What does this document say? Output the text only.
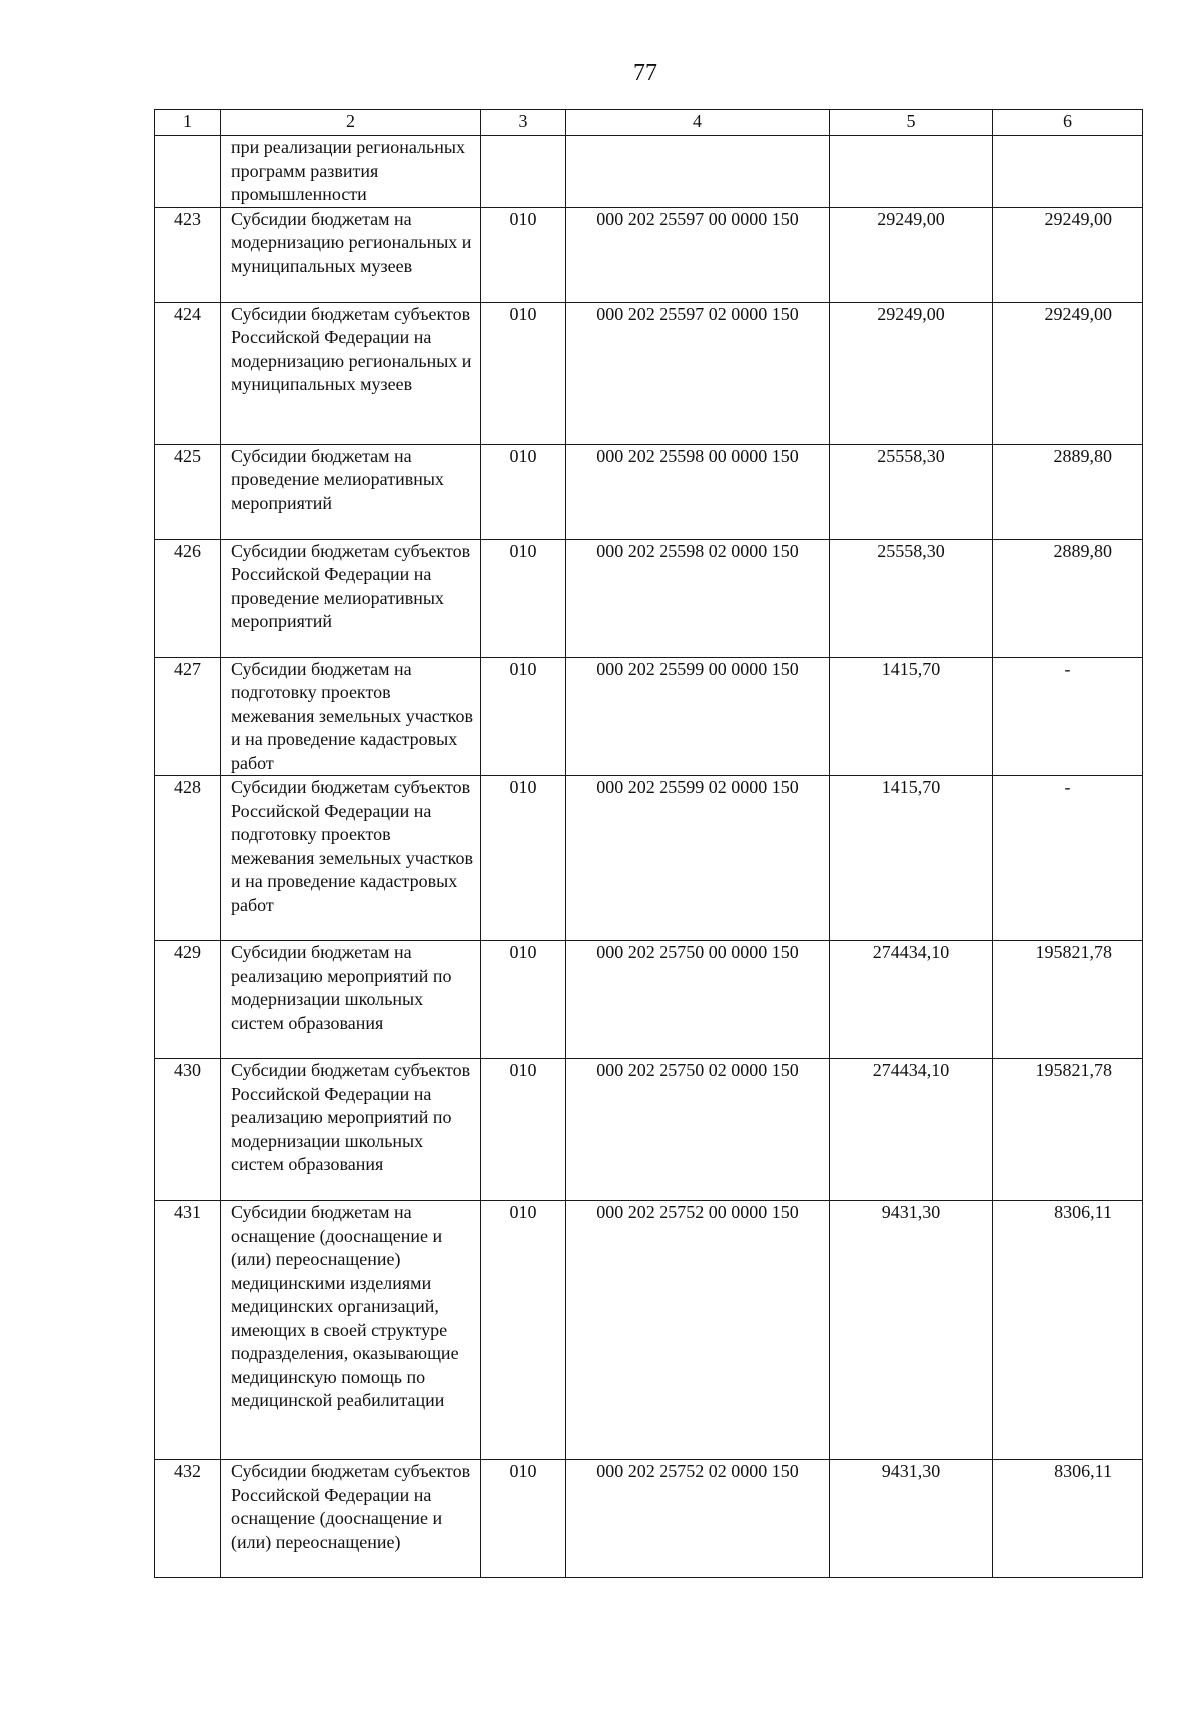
77
1	2	3	4	5	6
	при реализации региональных программ развития промышленности				
423	Субсидии бюджетам на модернизацию региональных и муниципальных музеев	010	000 202 25597 00 0000 150	29249,00	29249,00
424	Субсидии бюджетам субъектов Российской Федерации на модернизацию региональных и муниципальных музеев	010	000 202 25597 02 0000 150	29249,00	29249,00
425	Субсидии бюджетам на проведение мелиоративных мероприятий	010	000 202 25598 00 0000 150	25558,30	2889,80
426	Субсидии бюджетам субъектов Российской Федерации на проведение мелиоративных мероприятий	010	000 202 25598 02 0000 150	25558,30	2889,80
427	Субсидии бюджетам на подготовку проектов межевания земельных участков и на проведение кадастровых работ	010	000 202 25599 00 0000 150	1415,70	-
428	Субсидии бюджетам субъектов Российской Федерации на подготовку проектов межевания земельных участков и на проведение кадастровых работ	010	000 202 25599 02 0000 150	1415,70	-
429	Субсидии бюджетам на реализацию мероприятий по модернизации школьных систем образования	010	000 202 25750 00 0000 150	274434,10	195821,78
430	Субсидии бюджетам субъектов Российской Федерации на реализацию мероприятий по модернизации школьных систем образования	010	000 202 25750 02 0000 150	274434,10	195821,78
431	Субсидии бюджетам на оснащение (дооснащение и (или) переоснащение) медицинскими изделиями медицинских организаций, имеющих в своей структуре подразделения, оказывающие медицинскую помощь по медицинской реабилитации	010	000 202 25752 00 0000 150	9431,30	8306,11
432	Субсидии бюджетам субъектов Российской Федерации на оснащение (дооснащение и (или) переоснащение)	010	000 202 25752 02 0000 150	9431,30	8306,11
